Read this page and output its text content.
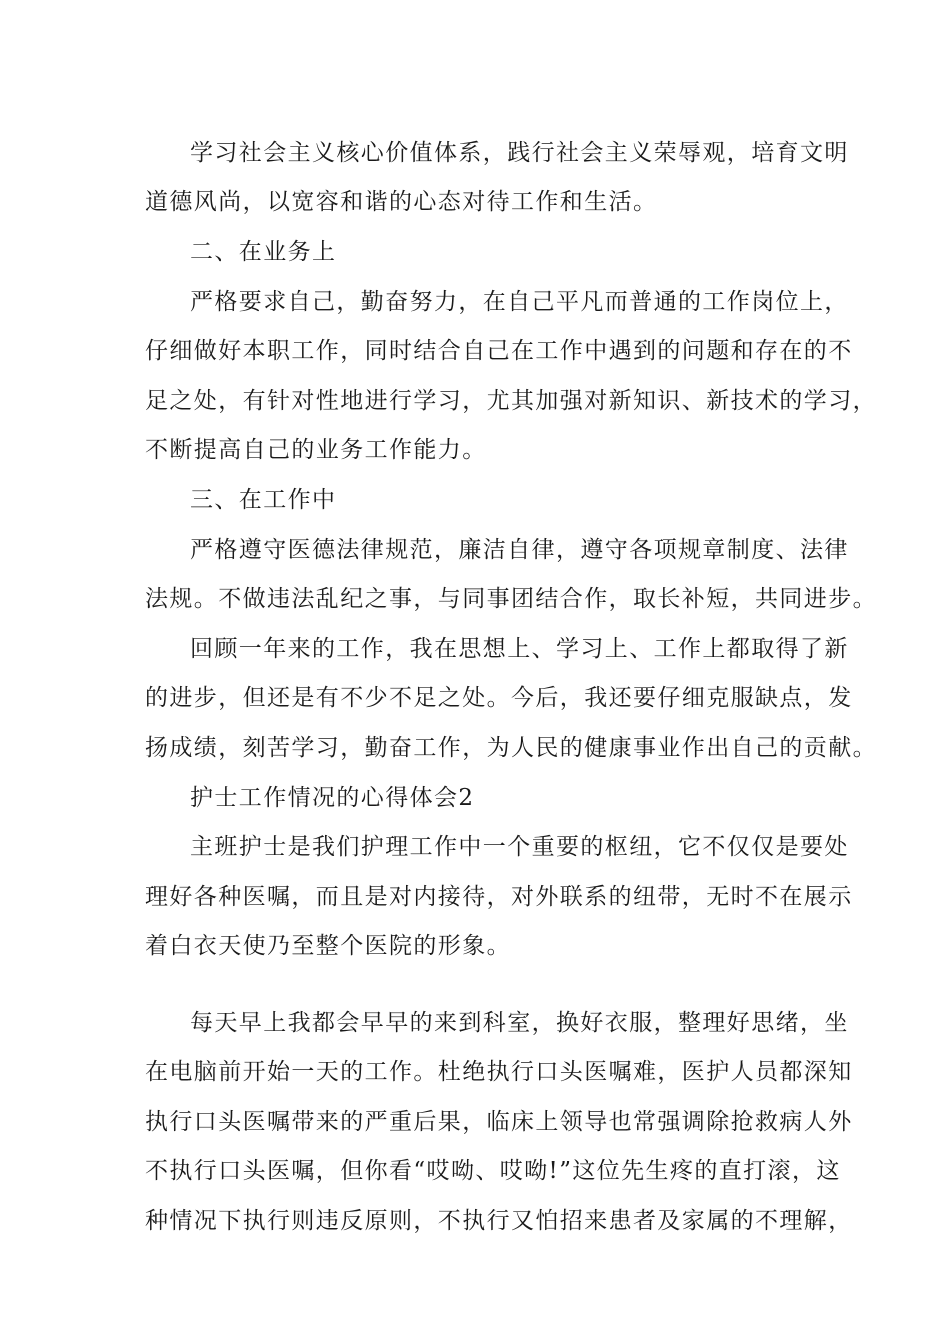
学习社会主义核心价值体系，践行社会主义荣辱观，培育文明
道德风尚，以宽容和谐的心态对待工作和生活。
二、在业务上
严格要求自己，勤奋努力，在自己平凡而普通的工作岗位上，
仔细做好本职工作，同时结合自己在工作中遇到的问题和存在的不
足之处，有针对性地进行学习，尤其加强对新知识、新技术的学习，
不断提高自己的业务工作能力。
三、在工作中
严格遵守医德法律规范，廉洁自律，遵守各项规章制度、法律
法规。不做违法乱纪之事，与同事团结合作，取长补短，共同进步。
回顾一年来的工作，我在思想上、学习上、工作上都取得了新
的进步，但还是有不少不足之处。今后，我还要仔细克服缺点，发
扬成绩，刻苦学习，勤奋工作，为人民的健康事业作出自己的贡献。
护士工作情况的心得体会2
主班护士是我们护理工作中一个重要的枢纽，它不仅仅是要处
理好各种医嘱，而且是对内接待，对外联系的纽带，无时不在展示
着白衣天使乃至整个医院的形象。
每天早上我都会早早的来到科室，换好衣服，整理好思绪，坐
在电脑前开始一天的工作。杜绝执行口头医嘱难，医护人员都深知
执行口头医嘱带来的严重后果，临床上领导也常强调除抢救病人外
不执行口头医嘱，但你看“哎呦、哎呦!”这位先生疼的直打滚，这
种情况下执行则违反原则，不执行又怕招来患者及家属的不理解，
